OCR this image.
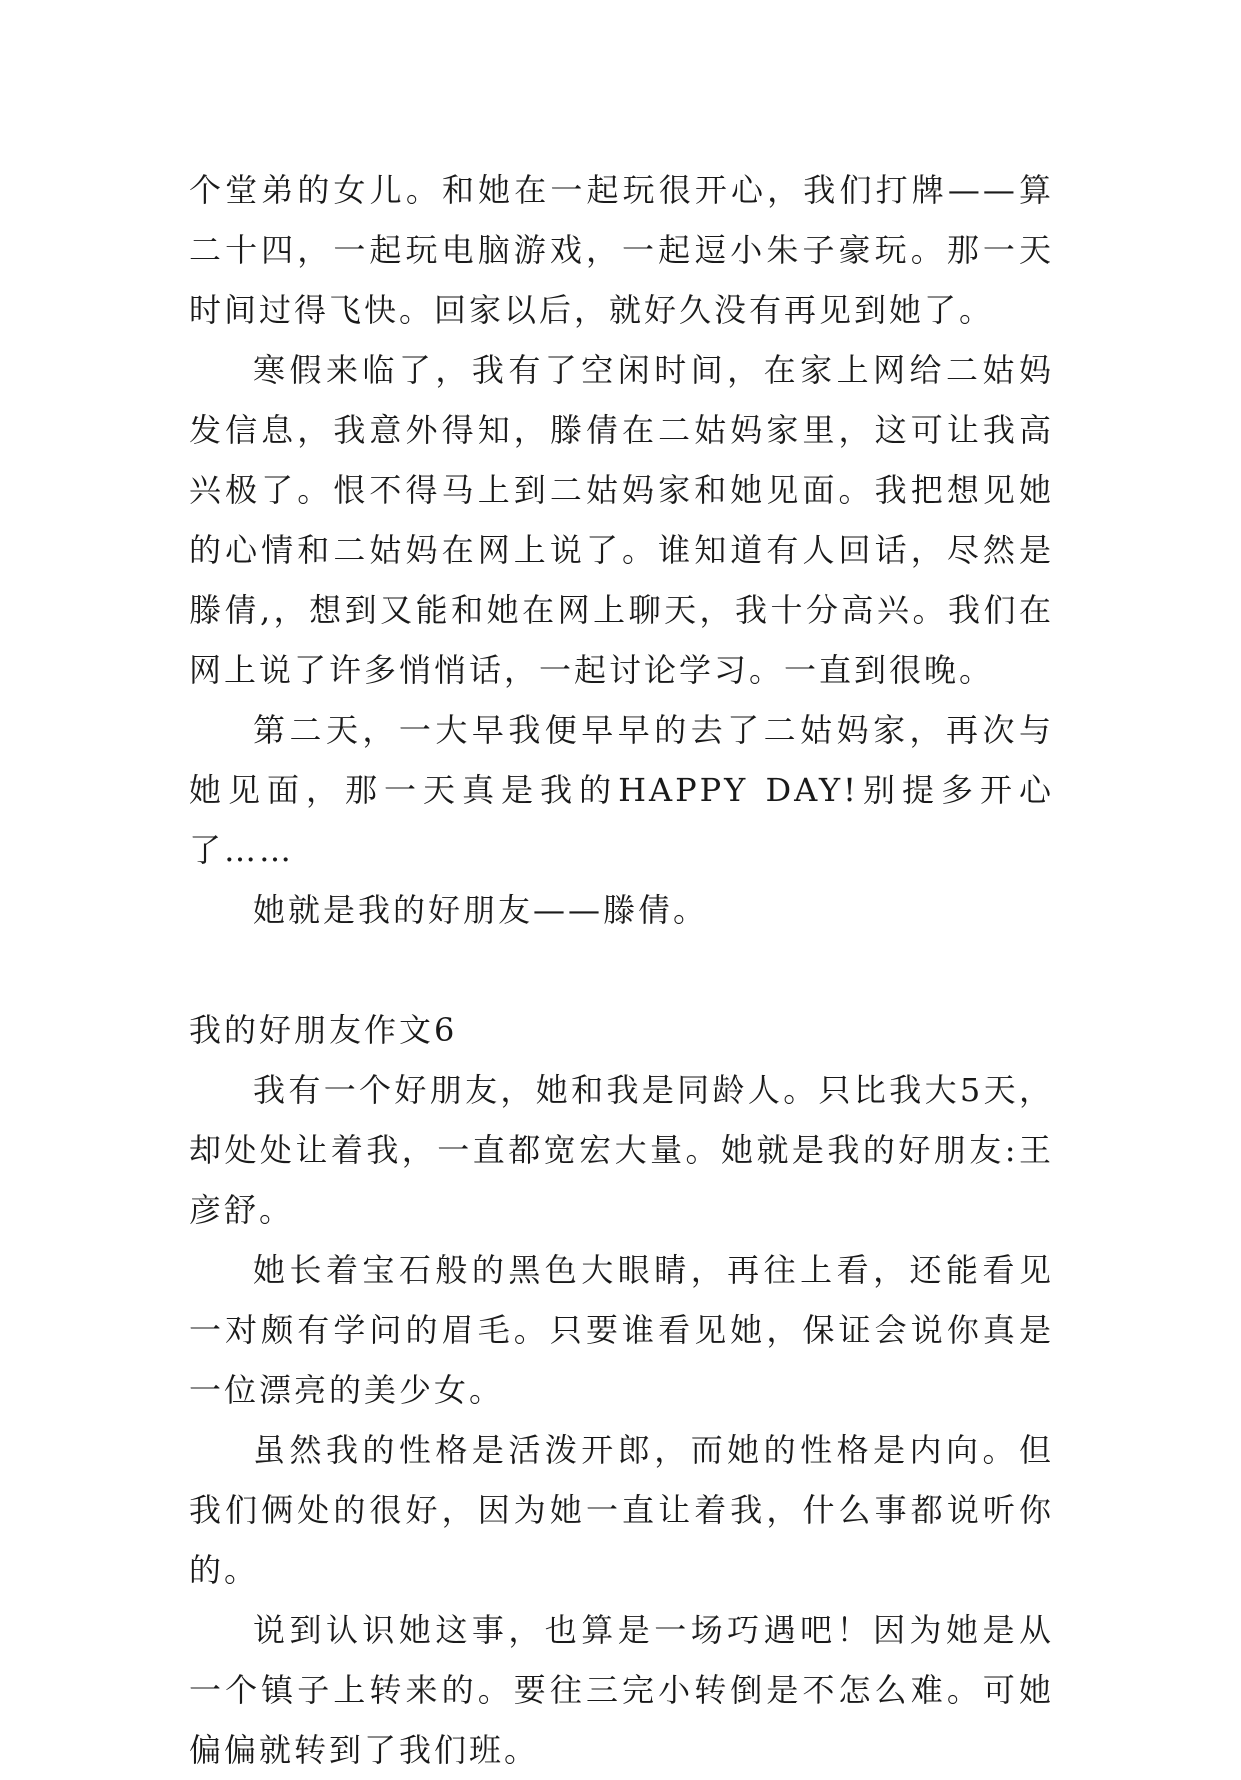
个堂弟的女儿。和她在一起玩很开心，我们打牌——算二十四，一起玩电脑游戏，一起逗小朱子豪玩。那一天时间过得飞快。回家以后，就好久没有再见到她了。

寒假来临了，我有了空闲时间，在家上网给二姑妈发信息，我意外得知，滕倩在二姑妈家里，这可让我高兴极了。恨不得马上到二姑妈家和她见面。我把想见她的心情和二姑妈在网上说了。谁知道有人回话，尽然是滕倩,，想到又能和她在网上聊天，我十分高兴。我们在网上说了许多悄悄话，一起讨论学习。一直到很晚。

第二天，一大早我便早早的去了二姑妈家，再次与她见面，那一天真是我的HAPPY DAY!别提多开心了……

她就是我的好朋友——滕倩。

我的好朋友作文6

我有一个好朋友，她和我是同龄人。只比我大5天，却处处让着我，一直都宽宏大量。她就是我的好朋友:王彦舒。

她长着宝石般的黑色大眼睛，再往上看，还能看见一对颇有学问的眉毛。只要谁看见她，保证会说你真是一位漂亮的美少女。

虽然我的性格是活泼开郎，而她的性格是内向。但我们俩处的很好，因为她一直让着我，什么事都说听你的。

说到认识她这事，也算是一场巧遇吧！因为她是从一个镇子上转来的。要往三完小转倒是不怎么难。可她偏偏就转到了我们班。
